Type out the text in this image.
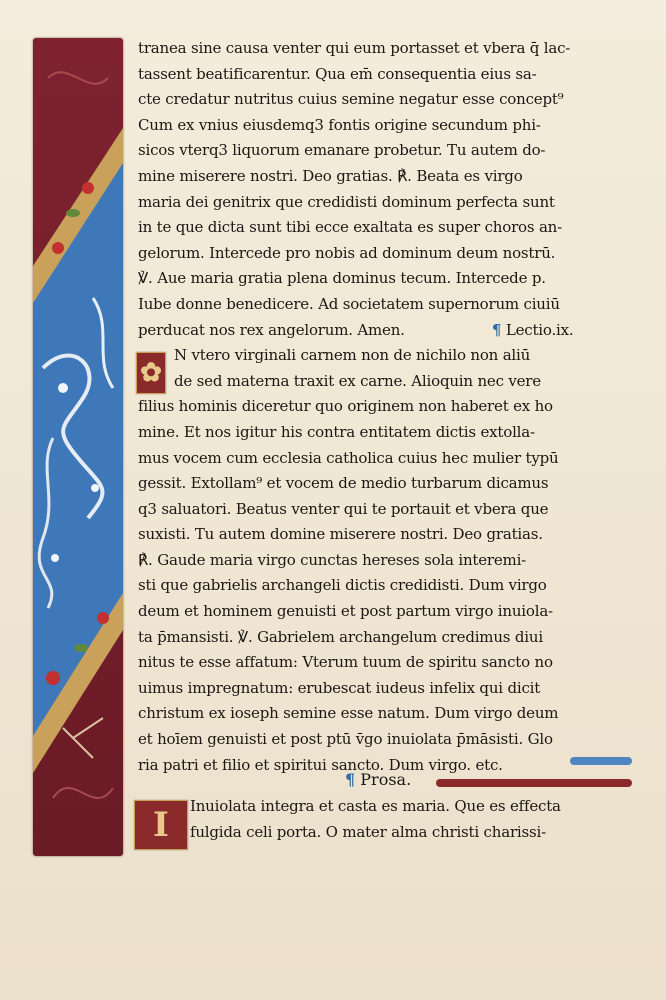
tranea sine causa venter qui eum portasset et vbera q̄ lac-
tassent beatificarentur. Qua em̄ consequentia eius sa-
cte credatur nutritus cuius semine negatur esse concept⁹
Cum ex vnius eiusdemq3 fontis origine secundum phi-
sicos vterq3 liquorum emanare probetur. Tu autem do-
mine miserere nostri. Deo gratias. ℟. Beata es virgo
maria dei genitrix que credidisti dominum perfecta sunt
in te que dicta sunt tibi ecce exaltata es super choros an-
gelorum. Intercede pro nobis ad dominum deum nostrū.
℣. Aue maria gratia plena dominus tecum. Intercede p.
Iube donne benedicere. Ad societatem supernorum ciuiū
perducat nos rex angelorum. Amen.	¶ Lectio.ix.
N vtero virginali carnem non de nichilo non aliū
de sed materna traxit ex carne. Alioquin nec vere
filius hominis diceretur quo originem non haberet ex ho
mine. Et nos igitur his contra entitatem dictis extolla-
mus vocem cum ecclesia catholica cuius hec mulier typū
gessit. Extollam⁹ et vocem de medio turbarum dicamus
q3 saluatori. Beatus venter qui te portauit et vbera que
suxisti. Tu autem domine miserere nostri. Deo gratias.
℟. Gaude maria virgo cunctas hereses sola interemi-
sti que gabrielis archangeli dictis credidisti. Dum virgo
deum et hominem genuisti et post partum virgo inuiola-
ta p̄mansisti. ℣. Gabrielem archangelum credimus diui
nitus te esse affatum: Vterum tuum de spiritu sancto no
uimus impregnatum: erubescat iudeus infelix qui dicit
christum ex ioseph semine esse natum. Dum virgo deum
et hoīem genuisti et post ptū v̄go inuiolata p̄māsisti. Glo
ria patri et filio et spiritui sancto. Dum virgo. etc.
✿
¶ Prosa.
I	Inuiolata integra et casta es maria. Que es effecta
fulgida celi porta. O mater alma christi charissi-
